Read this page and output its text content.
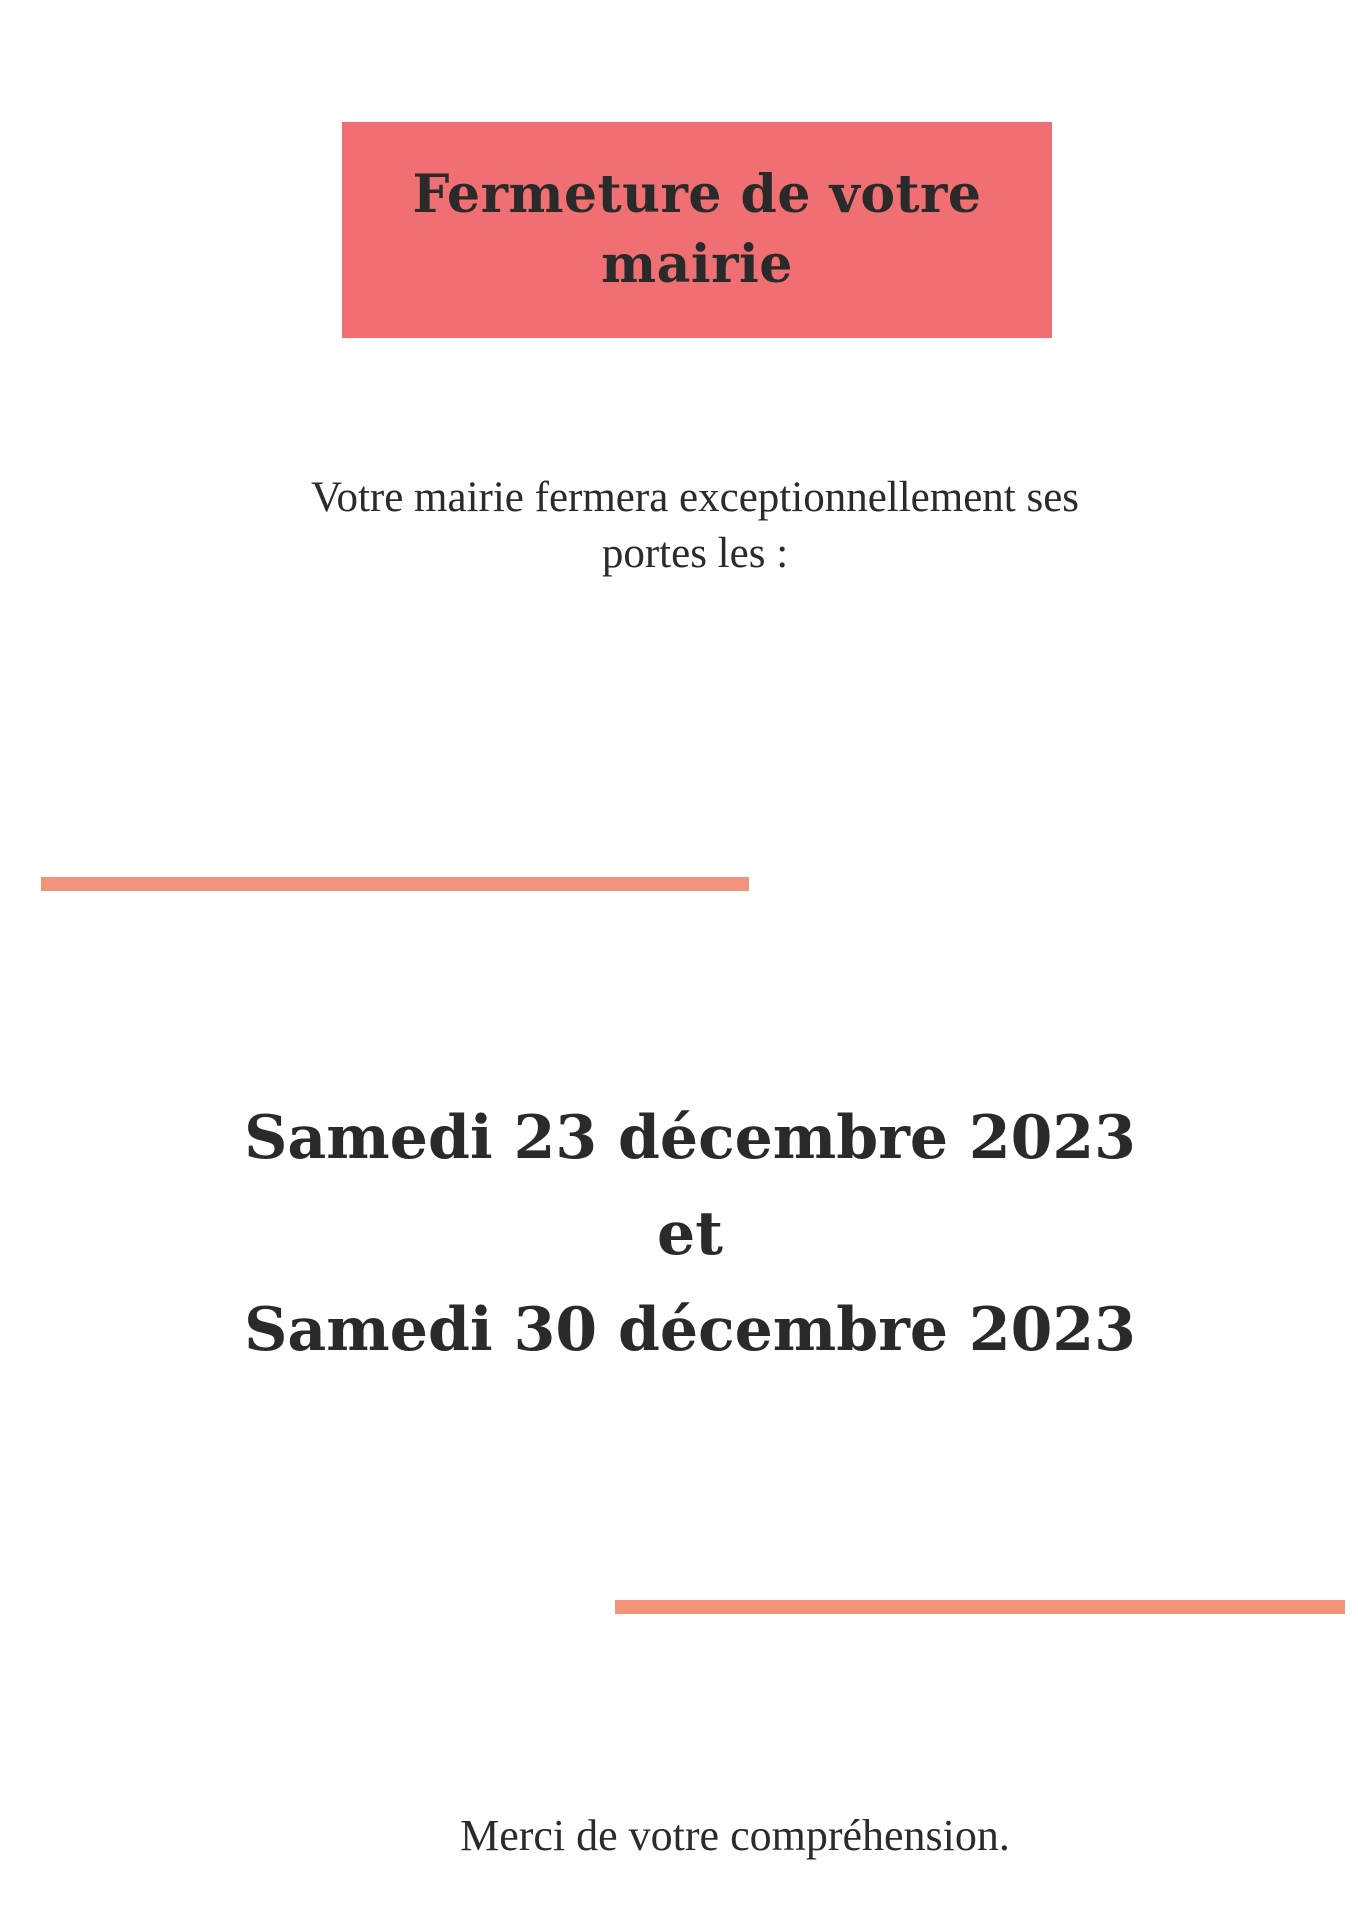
Fermeture de votre
mairie
Votre mairie fermera exceptionnellement ses
portes les :
Samedi 23 décembre 2023
et
Samedi 30 décembre 2023
Merci de votre compréhension.
